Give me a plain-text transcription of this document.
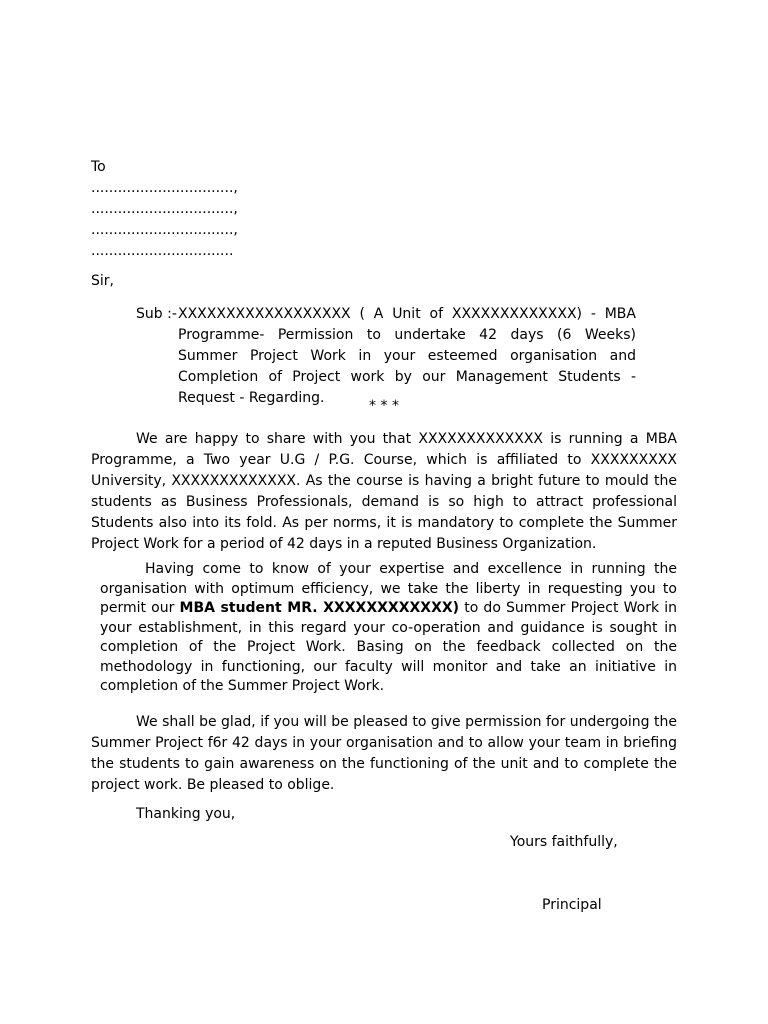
To
................................,
................................,
................................,
................................
Sir,
Sub :- XXXXXXXXXXXXXXXXXX ( A Unit of XXXXXXXXXXXXX) - MBA Programme- Permission to undertake 42 days (6 Weeks) Summer Project Work in your esteemed organisation and Completion of Project work by our Management Students - Request - Regarding.	* * *
We are happy to share with you that XXXXXXXXXXXXX is running a MBA Programme, a Two year U.G / P.G. Course, which is affiliated to XXXXXXXXX University, XXXXXXXXXXXXX. As the course is having a bright future to mould the students as Business Professionals, demand is so high to attract professional Students also into its fold. As per norms, it is mandatory to complete the Summer Project Work for a period of 42 days in a reputed Business Organization.
Having come to know of your expertise and excellence in running the organisation with optimum efficiency, we take the liberty in requesting you to permit our MBA student MR. XXXXXXXXXXXX) to do Summer Project Work in your establishment, in this regard your co-operation and guidance is sought in completion of the Project Work. Basing on the feedback collected on the methodology in functioning, our faculty will monitor and take an initiative in completion of the Summer Project Work.
We shall be glad, if you will be pleased to give permission for undergoing the Summer Project f6r 42 days in your organisation and to allow your team in briefing the students to gain awareness on the functioning of the unit and to complete the project work. Be pleased to oblige.
Thanking you,
Yours faithfully,
Principal
